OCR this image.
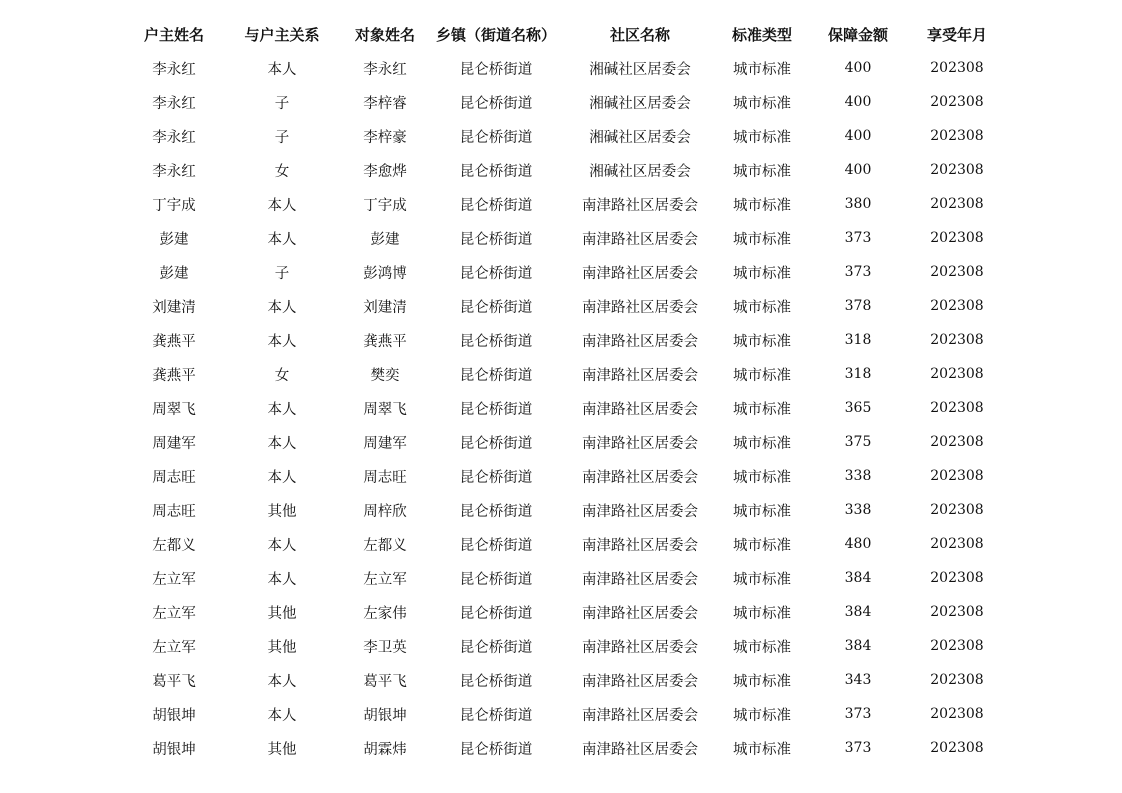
户主姓名	与户主关系	对象姓名	乡镇（街道名称）	社区名称	标准类型	保障金额	享受年月
李永红	本人	李永红	昆仑桥街道	湘碱社区居委会	城市标准	400	202308
李永红	子	李梓睿	昆仑桥街道	湘碱社区居委会	城市标准	400	202308
李永红	子	李梓豪	昆仑桥街道	湘碱社区居委会	城市标准	400	202308
李永红	女	李愈烨	昆仑桥街道	湘碱社区居委会	城市标准	400	202308
丁宇成	本人	丁宇成	昆仑桥街道	南津路社区居委会	城市标准	380	202308
彭建	本人	彭建	昆仑桥街道	南津路社区居委会	城市标准	373	202308
彭建	子	彭鸿博	昆仑桥街道	南津路社区居委会	城市标准	373	202308
刘建清	本人	刘建清	昆仑桥街道	南津路社区居委会	城市标准	378	202308
龚燕平	本人	龚燕平	昆仑桥街道	南津路社区居委会	城市标准	318	202308
龚燕平	女	樊奕	昆仑桥街道	南津路社区居委会	城市标准	318	202308
周翠飞	本人	周翠飞	昆仑桥街道	南津路社区居委会	城市标准	365	202308
周建军	本人	周建军	昆仑桥街道	南津路社区居委会	城市标准	375	202308
周志旺	本人	周志旺	昆仑桥街道	南津路社区居委会	城市标准	338	202308
周志旺	其他	周梓欣	昆仑桥街道	南津路社区居委会	城市标准	338	202308
左都义	本人	左都义	昆仑桥街道	南津路社区居委会	城市标准	480	202308
左立军	本人	左立军	昆仑桥街道	南津路社区居委会	城市标准	384	202308
左立军	其他	左家伟	昆仑桥街道	南津路社区居委会	城市标准	384	202308
左立军	其他	李卫英	昆仑桥街道	南津路社区居委会	城市标准	384	202308
葛平飞	本人	葛平飞	昆仑桥街道	南津路社区居委会	城市标准	343	202308
胡银坤	本人	胡银坤	昆仑桥街道	南津路社区居委会	城市标准	373	202308
胡银坤	其他	胡霖炜	昆仑桥街道	南津路社区居委会	城市标准	373	202308
